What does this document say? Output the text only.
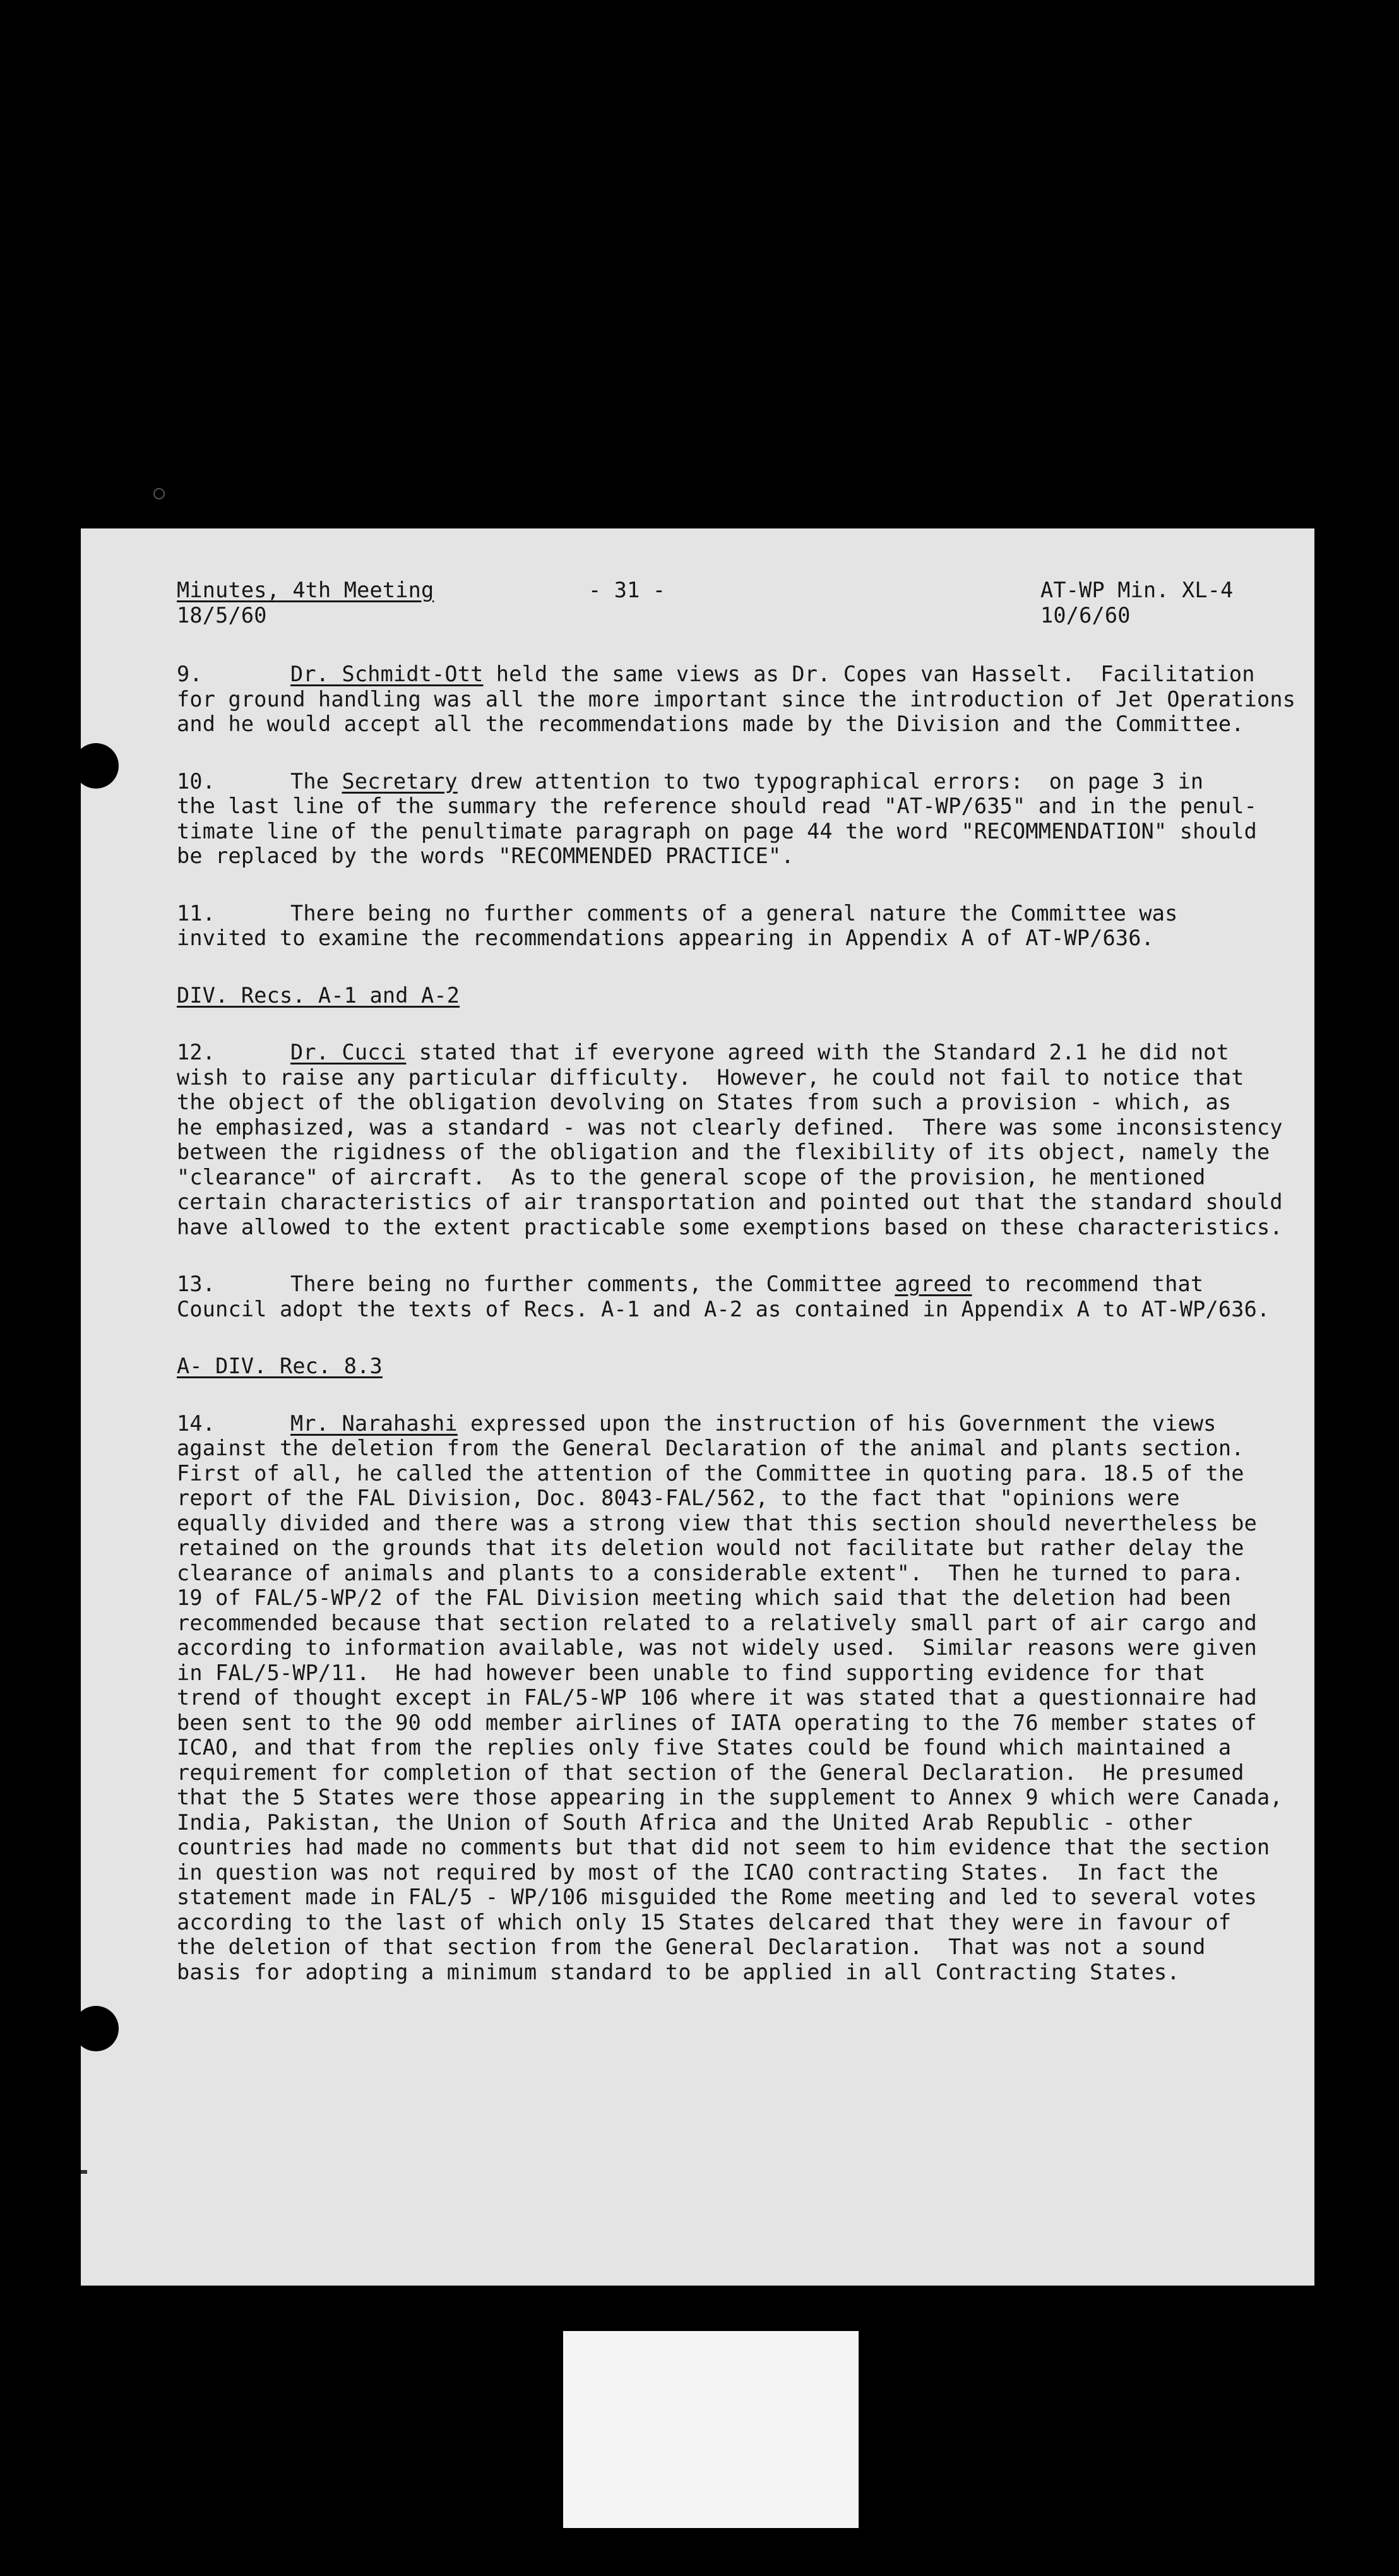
Minutes, 4th Meeting
18/5/60
- 31 -	AT-WP Min. XL-4
10/6/60
9.	Dr. Schmidt-Ott held the same views as Dr. Copes van Hasselt.  Facilitation
for ground handling was all the more important since the introduction of Jet Operations
and he would accept all the recommendations made by the Division and the Committee.
10.	The Secretary drew attention to two typographical errors:  on page 3 in
the last line of the summary the reference should read "AT-WP/635" and in the penul-
timate line of the penultimate paragraph on page 44 the word "RECOMMENDATION" should
be replaced by the words "RECOMMENDED PRACTICE".
11.	There being no further comments of a general nature the Committee was
invited to examine the recommendations appearing in Appendix A of AT-WP/636.
DIV. Recs. A-1 and A-2
12.	Dr. Cucci stated that if everyone agreed with the Standard 2.1 he did not
wish to raise any particular difficulty.  However, he could not fail to notice that
the object of the obligation devolving on States from such a provision - which, as
he emphasized, was a standard - was not clearly defined.  There was some inconsistency
between the rigidness of the obligation and the flexibility of its object, namely the
"clearance" of aircraft.  As to the general scope of the provision, he mentioned
certain characteristics of air transportation and pointed out that the standard should
have allowed to the extent practicable some exemptions based on these characteristics.
13.	There being no further comments, the Committee agreed to recommend that
Council adopt the texts of Recs. A-1 and A-2 as contained in Appendix A to AT-WP/636.
A- DIV. Rec. 8.3
14.	Mr. Narahashi expressed upon the instruction of his Government the views
against the deletion from the General Declaration of the animal and plants section.
First of all, he called the attention of the Committee in quoting para. 18.5 of the
report of the FAL Division, Doc. 8043-FAL/562, to the fact that "opinions were
equally divided and there was a strong view that this section should nevertheless be
retained on the grounds that its deletion would not facilitate but rather delay the
clearance of animals and plants to a considerable extent".  Then he turned to para.
19 of FAL/5-WP/2 of the FAL Division meeting which said that the deletion had been
recommended because that section related to a relatively small part of air cargo and
according to information available, was not widely used.  Similar reasons were given
in FAL/5-WP/11.  He had however been unable to find supporting evidence for that
trend of thought except in FAL/5-WP 106 where it was stated that a questionnaire had
been sent to the 90 odd member airlines of IATA operating to the 76 member states of
ICAO, and that from the replies only five States could be found which maintained a
requirement for completion of that section of the General Declaration.  He presumed
that the 5 States were those appearing in the supplement to Annex 9 which were Canada,
India, Pakistan, the Union of South Africa and the United Arab Republic - other
countries had made no comments but that did not seem to him evidence that the section
in question was not required by most of the ICAO contracting States.  In fact the
statement made in FAL/5 - WP/106 misguided the Rome meeting and led to several votes
according to the last of which only 15 States delcared that they were in favour of
the deletion of that section from the General Declaration.  That was not a sound
basis for adopting a minimum standard to be applied in all Contracting States.
